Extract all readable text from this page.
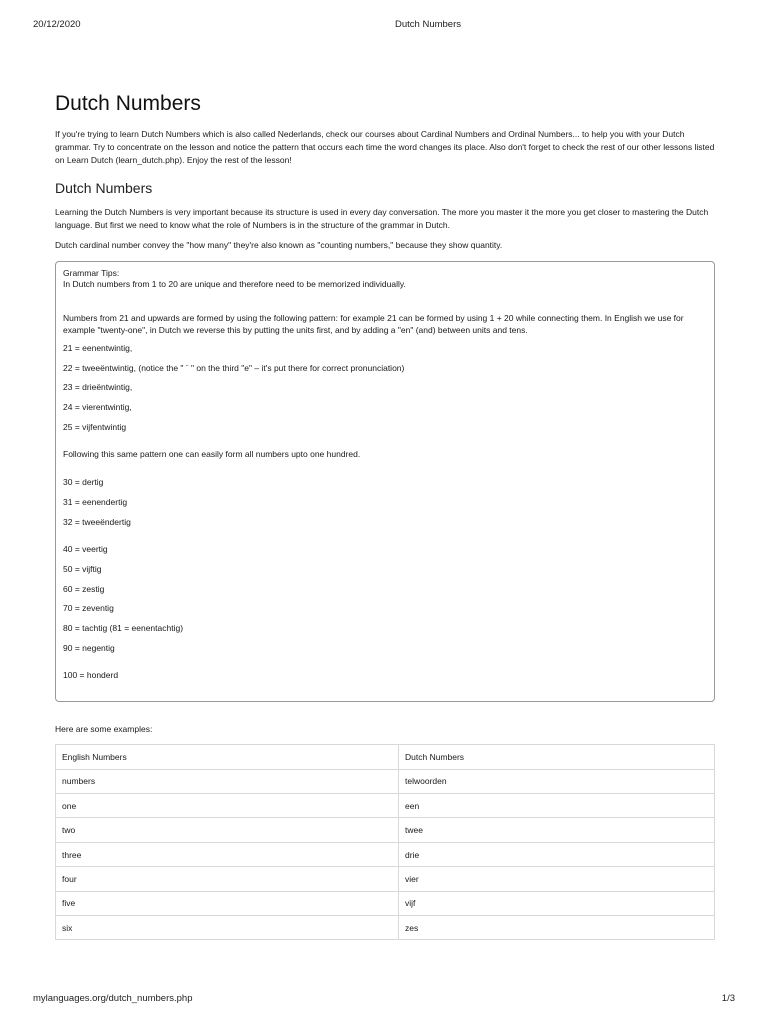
20/12/2020	Dutch Numbers
Dutch Numbers

If you're trying to learn Dutch Numbers which is also called Nederlands, check our courses about Cardinal Numbers and Ordinal Numbers... to help you with your Dutch grammar. Try to concentrate on the lesson and notice the pattern that occurs each time the word changes its place. Also don't forget to check the rest of our other lessons listed on Learn Dutch (learn_dutch.php). Enjoy the rest of the lesson!

Dutch Numbers

Learning the Dutch Numbers is very important because its structure is used in every day conversation. The more you master it the more you get closer to mastering the Dutch language. But first we need to know what the role of Numbers is in the structure of the grammar in Dutch.

Dutch cardinal number convey the "how many" they're also known as "counting numbers," because they show quantity.

Grammar Tips:
In Dutch numbers from 1 to 20 are unique and therefore need to be memorized individually.
Numbers from 21 and upwards are formed by using the following pattern: for example 21 can be formed by using 1 + 20 while connecting them. In English we use for example "twenty-one", in Dutch we reverse this by putting the units first, and by adding a "en" (and) between units and tens.
21 = eenentwintig,
22 = tweeëntwintig, (notice the " ¨ " on the third "e" – it's put there for correct pronunciation)
23 = drieëntwintig,
24 = vierentwintig,
25 = vijfentwintig
Following this same pattern one can easily form all numbers upto one hundred.
30 = dertig
31 = eenendertig
32 = tweeëndertig
40 = veertig
50 = vijftig
60 = zestig
70 = zeventig
80 = tachtig (81 = eenentachtig)
90 = negentig
100 = honderd
Here are some examples:
English Numbers	Dutch Numbers
numbers	telwoorden
one	een
two	twee
three	drie
four	vier
five	vijf
six	zes
mylanguages.org/dutch_numbers.php	1/3
